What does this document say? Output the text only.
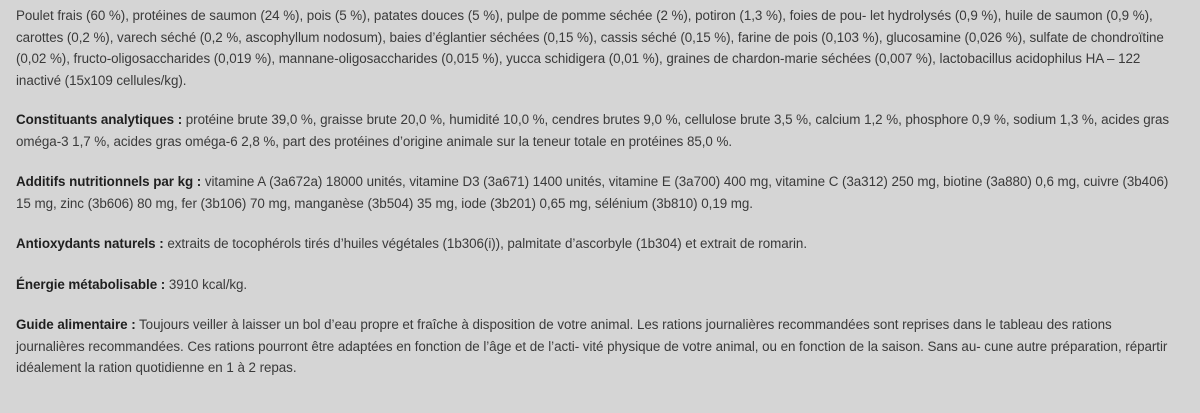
Poulet frais (60 %), protéines de saumon (24 %), pois (5 %), patates douces (5 %), pulpe de pomme séchée (2 %), potiron (1,3 %), foies de pou- let hydrolysés (0,9 %), huile de saumon (0,9 %), carottes (0,2 %), varech séché (0,2 %, ascophyllum nodosum), baies d’églantier séchées (0,15 %), cassis séché (0,15 %), farine de pois (0,103 %), glucosamine (0,026 %), sulfate de chondroïtine (0,02 %), fructo-oligosaccharides (0,019 %), mannane-oligosaccharides (0,015 %), yucca schidigera (0,01 %), graines de chardon-marie séchées (0,007 %), lactobacillus acidophilus HA – 122 inactivé (15x109 cellules/kg).

Constituants analytiques : protéine brute 39,0 %, graisse brute 20,0 %, humidité 10,0 %, cendres brutes 9,0 %, cellulose brute 3,5 %, calcium 1,2 %, phosphore 0,9 %, sodium 1,3 %, acides gras oméga-3 1,7 %, acides gras oméga-6 2,8 %, part des protéines d’origine animale sur la teneur totale en protéines 85,0 %.

Additifs nutritionnels par kg : vitamine A (3a672a) 18000 unités, vitamine D3 (3a671) 1400 unités, vitamine E (3a700) 400 mg, vitamine C (3a312) 250 mg, biotine (3a880) 0,6 mg, cuivre (3b406) 15 mg, zinc (3b606) 80 mg, fer (3b106) 70 mg, manganèse (3b504) 35 mg, iode (3b201) 0,65 mg, sélénium (3b810) 0,19 mg.

Antioxydants naturels : extraits de tocophérols tirés d’huiles végétales (1b306(i)), palmitate d’ascorbyle (1b304) et extrait de romarin.

Énergie métabolisable : 3910 kcal/kg.

Guide alimentaire : Toujours veiller à laisser un bol d’eau propre et fraîche à disposition de votre animal. Les rations journalières recommandées sont reprises dans le tableau des rations journalières recommandées. Ces rations pourront être adaptées en fonction de l’âge et de l’acti- vité physique de votre animal, ou en fonction de la saison. Sans au- cune autre préparation, répartir idéalement la ration quotidienne en 1 à 2 repas.
